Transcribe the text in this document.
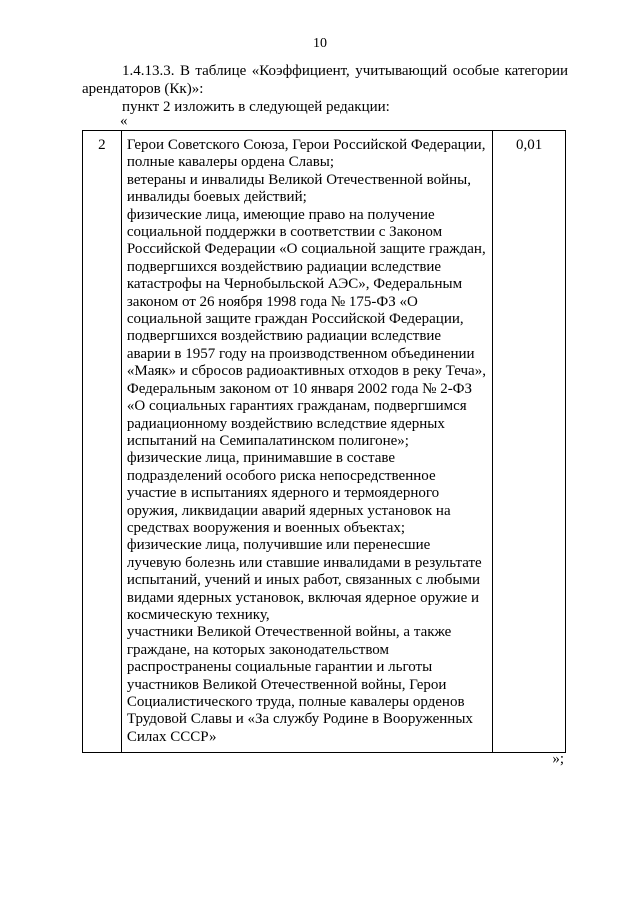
10

1.4.13.3. В таблице «Коэффициент, учитывающий особые категории арендаторов (Кк)»:

пункт 2 изложить в следующей редакции:

«
2	Герои Советского Союза, Герои Российской Федерации, полные кавалеры ордена Славы;
ветераны и инвалиды Великой Отечественной войны, инвалиды боевых действий;
физические лица, имеющие право на получение социальной поддержки в соответствии с Законом Российской Федерации «О социальной защите граждан, подвергшихся воздействию радиации вследствие катастрофы на Чернобыльской АЭС», Федеральным законом от 26 ноября 1998 года № 175-ФЗ «О социальной защите граждан Российской Федерации, подвергшихся воздействию радиации вследствие аварии в 1957 году на производственном объединении «Маяк» и сбросов радиоактивных отходов в реку Теча», Федеральным законом от 10 января 2002 года № 2-ФЗ «О социальных гарантиях гражданам, подвергшимся радиационному воздействию вследствие ядерных испытаний на Семипалатинском полигоне»;
физические лица, принимавшие в составе подразделений особого риска непосредственное участие в испытаниях ядерного и термоядерного оружия, ликвидации аварий ядерных установок на средствах вооружения и военных объектах;
физические лица, получившие или перенесшие лучевую болезнь или ставшие инвалидами в результате испытаний, учений и иных работ, связанных с любыми видами ядерных установок, включая ядерное оружие и космическую технику,
участники Великой Отечественной войны, а также граждане, на которых законодательством распространены социальные гарантии и льготы участников Великой Отечественной войны, Герои Социалистического труда, полные кавалеры орденов Трудовой Славы и «За службу Родине в Вооруженных Силах СССР»
	0,01
»;
